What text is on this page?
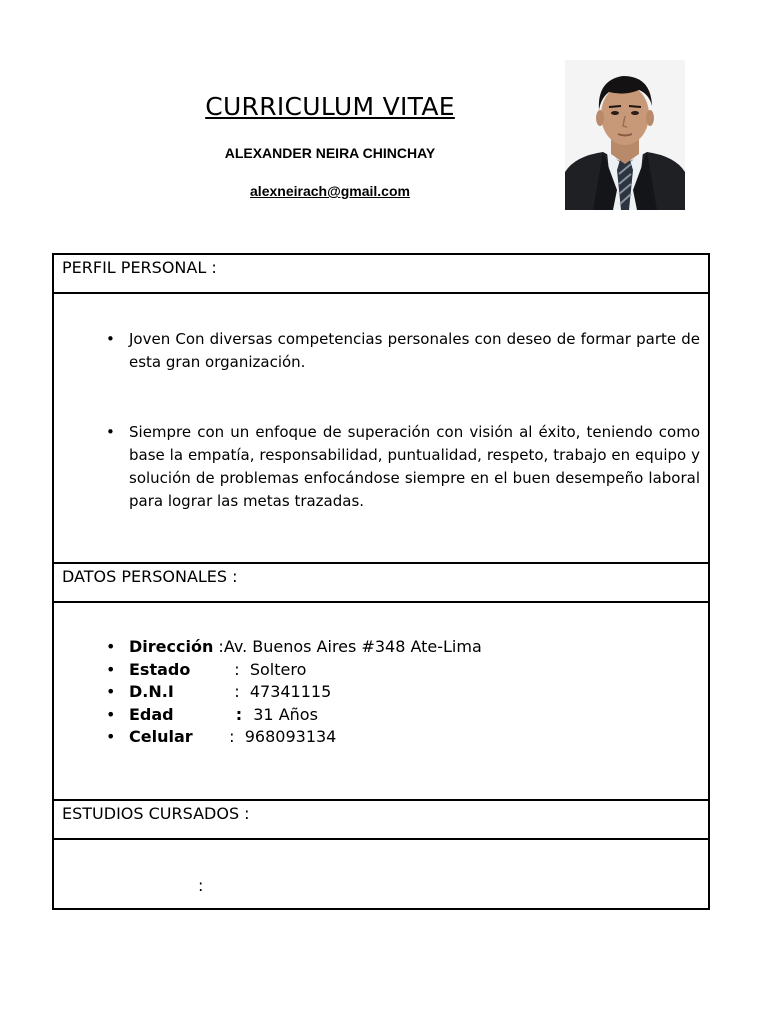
CURRICULUM VITAE
ALEXANDER NEIRA CHINCHAY
alexneirach@gmail.com
PERFIL PERSONAL :

• Joven Con diversas competencias personales con deseo de formar parte de esta gran organización.
• Siempre con un enfoque de superación con visión al éxito, teniendo como base la empatía, responsabilidad, puntualidad, respeto, trabajo en equipo y solución de problemas enfocándose siempre en el buen desempeño laboral para lograr las metas trazadas.

DATOS PERSONALES :

• Dirección :Av. Buenos Aires #348 Ate-Lima
• Estado   :  Soltero
• D.N.I	:  47341115
• Edad	:  31 Años
• Celular  :  968093134

ESTUDIOS CURSADOS :

:
